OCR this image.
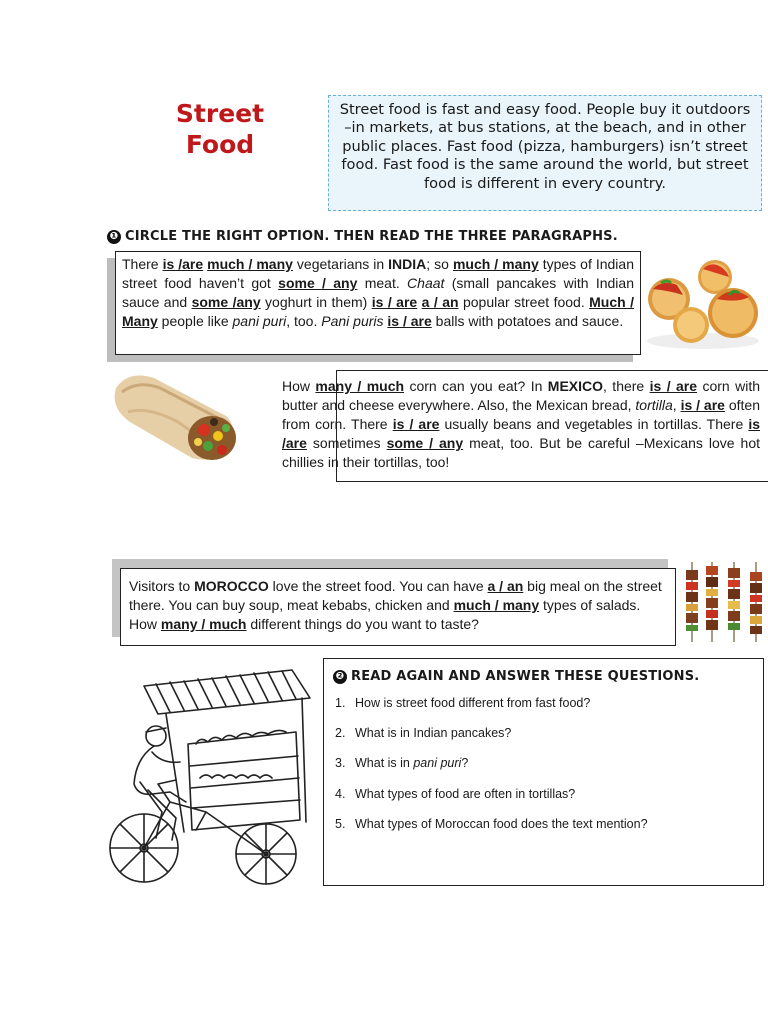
Street
Food
Street food is fast and easy food. People buy it outdoors –in markets, at bus stations, at the beach, and in other public places. Fast food (pizza, hamburgers) isn’t street food. Fast food is the same around the world, but street food is different in every country.
❶ CIRCLE THE RIGHT OPTION. THEN READ THE THREE PARAGRAPHS.
There is /are much / many vegetarians in INDIA; so much / many types of Indian street food haven’t got some / any meat. Chaat (small pancakes with Indian sauce and some /any yoghurt in them) is / are a / an popular street food. Much / Many people like pani puri, too. Pani puris is / are balls with potatoes and sauce.
How many / much corn can you eat? In MEXICO, there is / are corn with butter and cheese everywhere. Also, the Mexican bread, tortilla, is / are often from corn. There is / are usually beans and vegetables in tortillas. There is /are sometimes some / any meat, too. But be careful –Mexicans love hot chillies in their tortillas, too!
Visitors to MOROCCO love the street food. You can have a / an big meal on the street there. You can buy soup, meat kebabs, chicken and much / many types of salads. How many / much different things do you want to taste?
❷ READ AGAIN AND ANSWER THESE QUESTIONS.
1. How is street food different from fast food?
2. What is in Indian pancakes?
3. What is in pani puri?
4. What types of food are often in tortillas?
5. What types of Moroccan food does the text mention?
